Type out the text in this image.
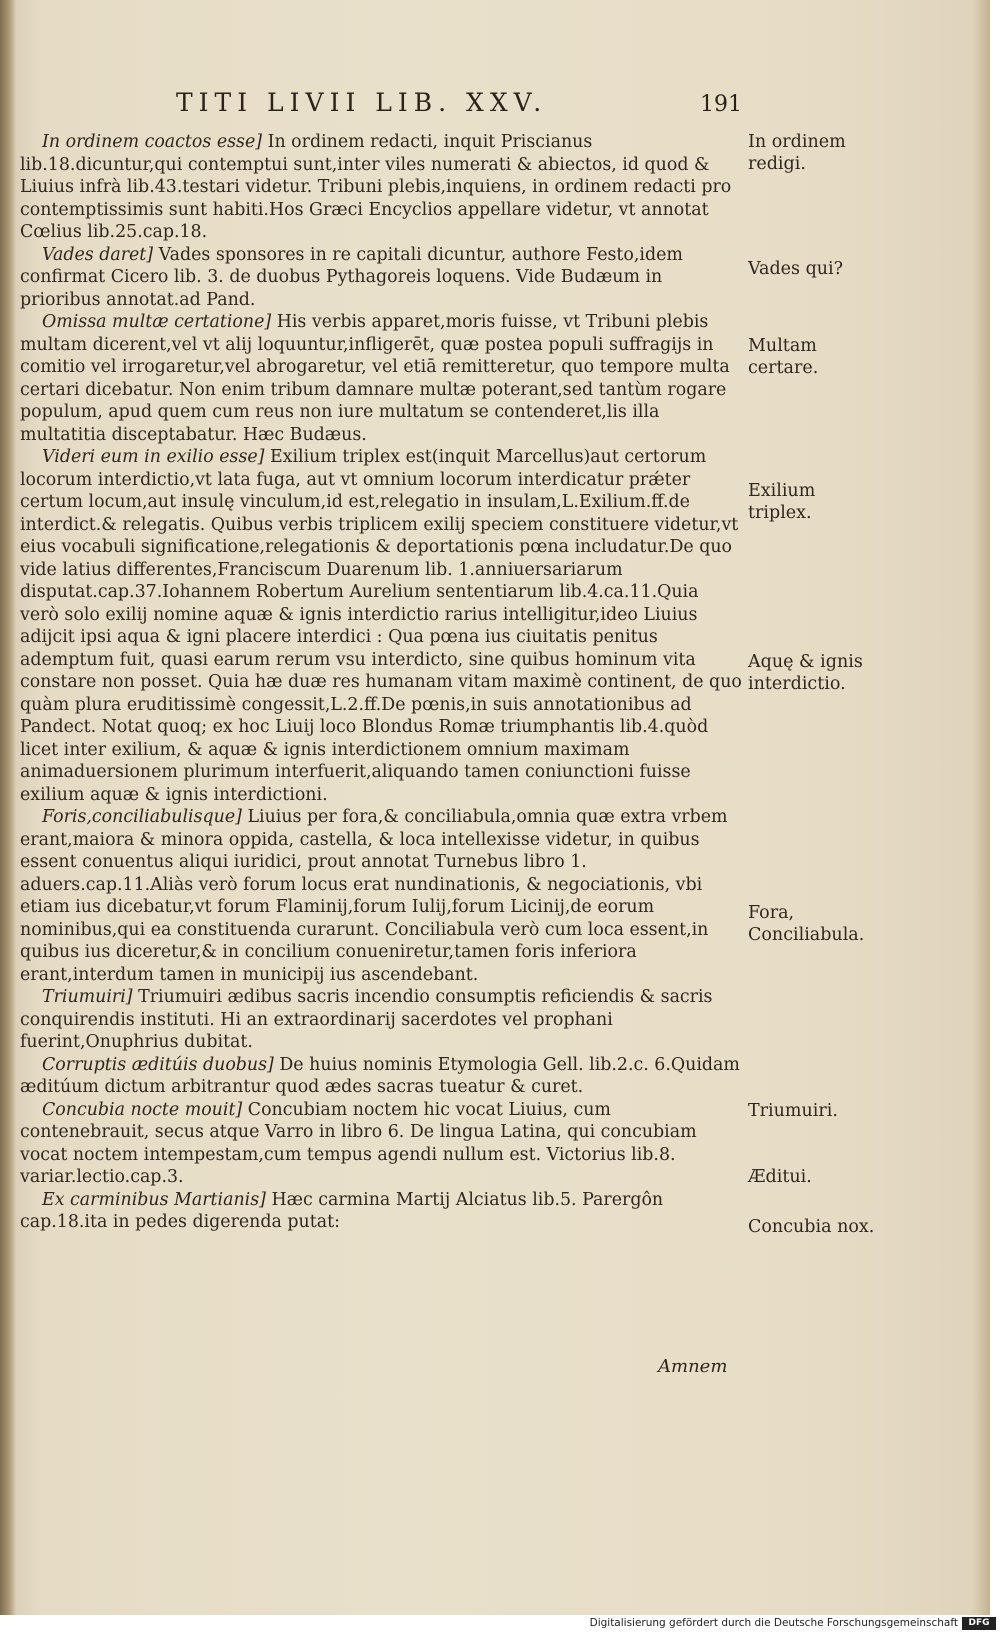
TITI LIVII LIB. XXV.	191

In ordinem coactos esse] In ordinem redacti, inquit Priscianus lib.18.dicuntur,qui contemptui sunt,inter viles numerati & abiectos, id quod & Liuius infrà lib.43.testari videtur. Tribuni plebis,inquiens, in ordinem redacti pro contemptissimis sunt habiti.Hos Græci Encyclios appellare videtur, vt annotat Cœlius lib.25.cap.18.

Vades daret] Vades sponsores in re capitali dicuntur, authore Festo,idem confirmat Cicero lib. 3. de duobus Pythagoreis loquens. Vide Budæum in prioribus annotat.ad Pand.

Omissa multæ certatione] His verbis apparet,moris fuisse, vt Tribuni plebis multam dicerent,vel vt alij loquuntur,infligerēt, quæ postea populi suffragijs in comitio vel irrogaretur,vel abrogaretur, vel etiā remitteretur, quo tempore multa certari dicebatur. Non enim tribum damnare multæ poterant,sed tantùm rogare populum, apud quem cum reus non iure multatum se contenderet,lis illa multatitia disceptabatur. Hæc Budæus.

Videri eum in exilio esse] Exilium triplex est(inquit Marcellus)aut certorum locorum interdictio,vt lata fuga, aut vt omnium locorum interdicatur prǽter certum locum,aut insulę vinculum,id est,relegatio in insulam,L.Exilium.ff.de interdict.& relegatis. Quibus verbis triplicem exilij speciem constituere videtur,vt eius vocabuli significatione,relegationis & deportationis pœna includatur.De quo vide latius differentes,Franciscum Duarenum lib. 1.anniuersariarum disputat.cap.37.Iohannem Robertum Aurelium sententiarum lib.4.ca.11.Quia verò solo exilij nomine aquæ & ignis interdictio rarius intelligitur,ideo Liuius adijcit ipsi aqua & igni placere interdici : Qua pœna ius ciuitatis penitus ademptum fuit, quasi earum rerum vsu interdicto, sine quibus hominum vita constare non posset. Quia hæ duæ res humanam vitam maximè continent, de quo quàm plura eruditissimè congessit,L.2.ff.De pœnis,in suis annotationibus ad Pandect. Notat quoq; ex hoc Liuij loco Blondus Romæ triumphantis lib.4.quòd licet inter exilium, & aquæ & ignis interdictionem omnium maximam animaduersionem plurimum interfuerit,aliquando tamen coniunctioni fuisse exilium aquæ & ignis interdictioni.

Foris,conciliabulisque] Liuius per fora,& conciliabula,omnia quæ extra vrbem erant,maiora & minora oppida, castella, & loca intellexisse videtur, in quibus essent conuentus aliqui iuridici, prout annotat Turnebus libro 1. aduers.cap.11.Aliàs verò forum locus erat nundinationis, & negociationis, vbi etiam ius dicebatur,vt forum Flaminij,forum Iulij,forum Licinij,de eorum nominibus,qui ea constituenda curarunt. Conciliabula verò cum loca essent,in quibus ius diceretur,& in concilium conueniretur,tamen foris inferiora erant,interdum tamen in municipij ius ascendebant.

Triumuiri] Triumuiri ædibus sacris incendio consumptis reficiendis & sacris conquirendis instituti. Hi an extraordinarij sacerdotes vel prophani fuerint,Onuphrius dubitat.

Corruptis æditúis duobus] De huius nominis Etymologia Gell. lib.2.c. 6.Quidam æditúum dictum arbitrantur quod ædes sacras tueatur & curet.

Concubia nocte mouit] Concubiam noctem hic vocat Liuius, cum contenebrauit, secus atque Varro in libro 6. De lingua Latina, qui concubiam vocat noctem intempestam,cum tempus agendi nullum est. Victorius lib.8. variar.lectio.cap.3.

Ex carminibus Martianis] Hæc carmina Martij Alciatus lib.5. Parergôn cap.18.ita in pedes digerenda putat:

Amnem
In ordinem redigi.
Vades qui?
Multam certare.
Exilium triplex.
Aquę & ignis interdictio.
Fora, Conciliabula.
Triumuiri.
Æditui.
Concubia nox.
Digitalisierung gefördert durch die Deutsche Forschungsgemeinschaft	DFG
